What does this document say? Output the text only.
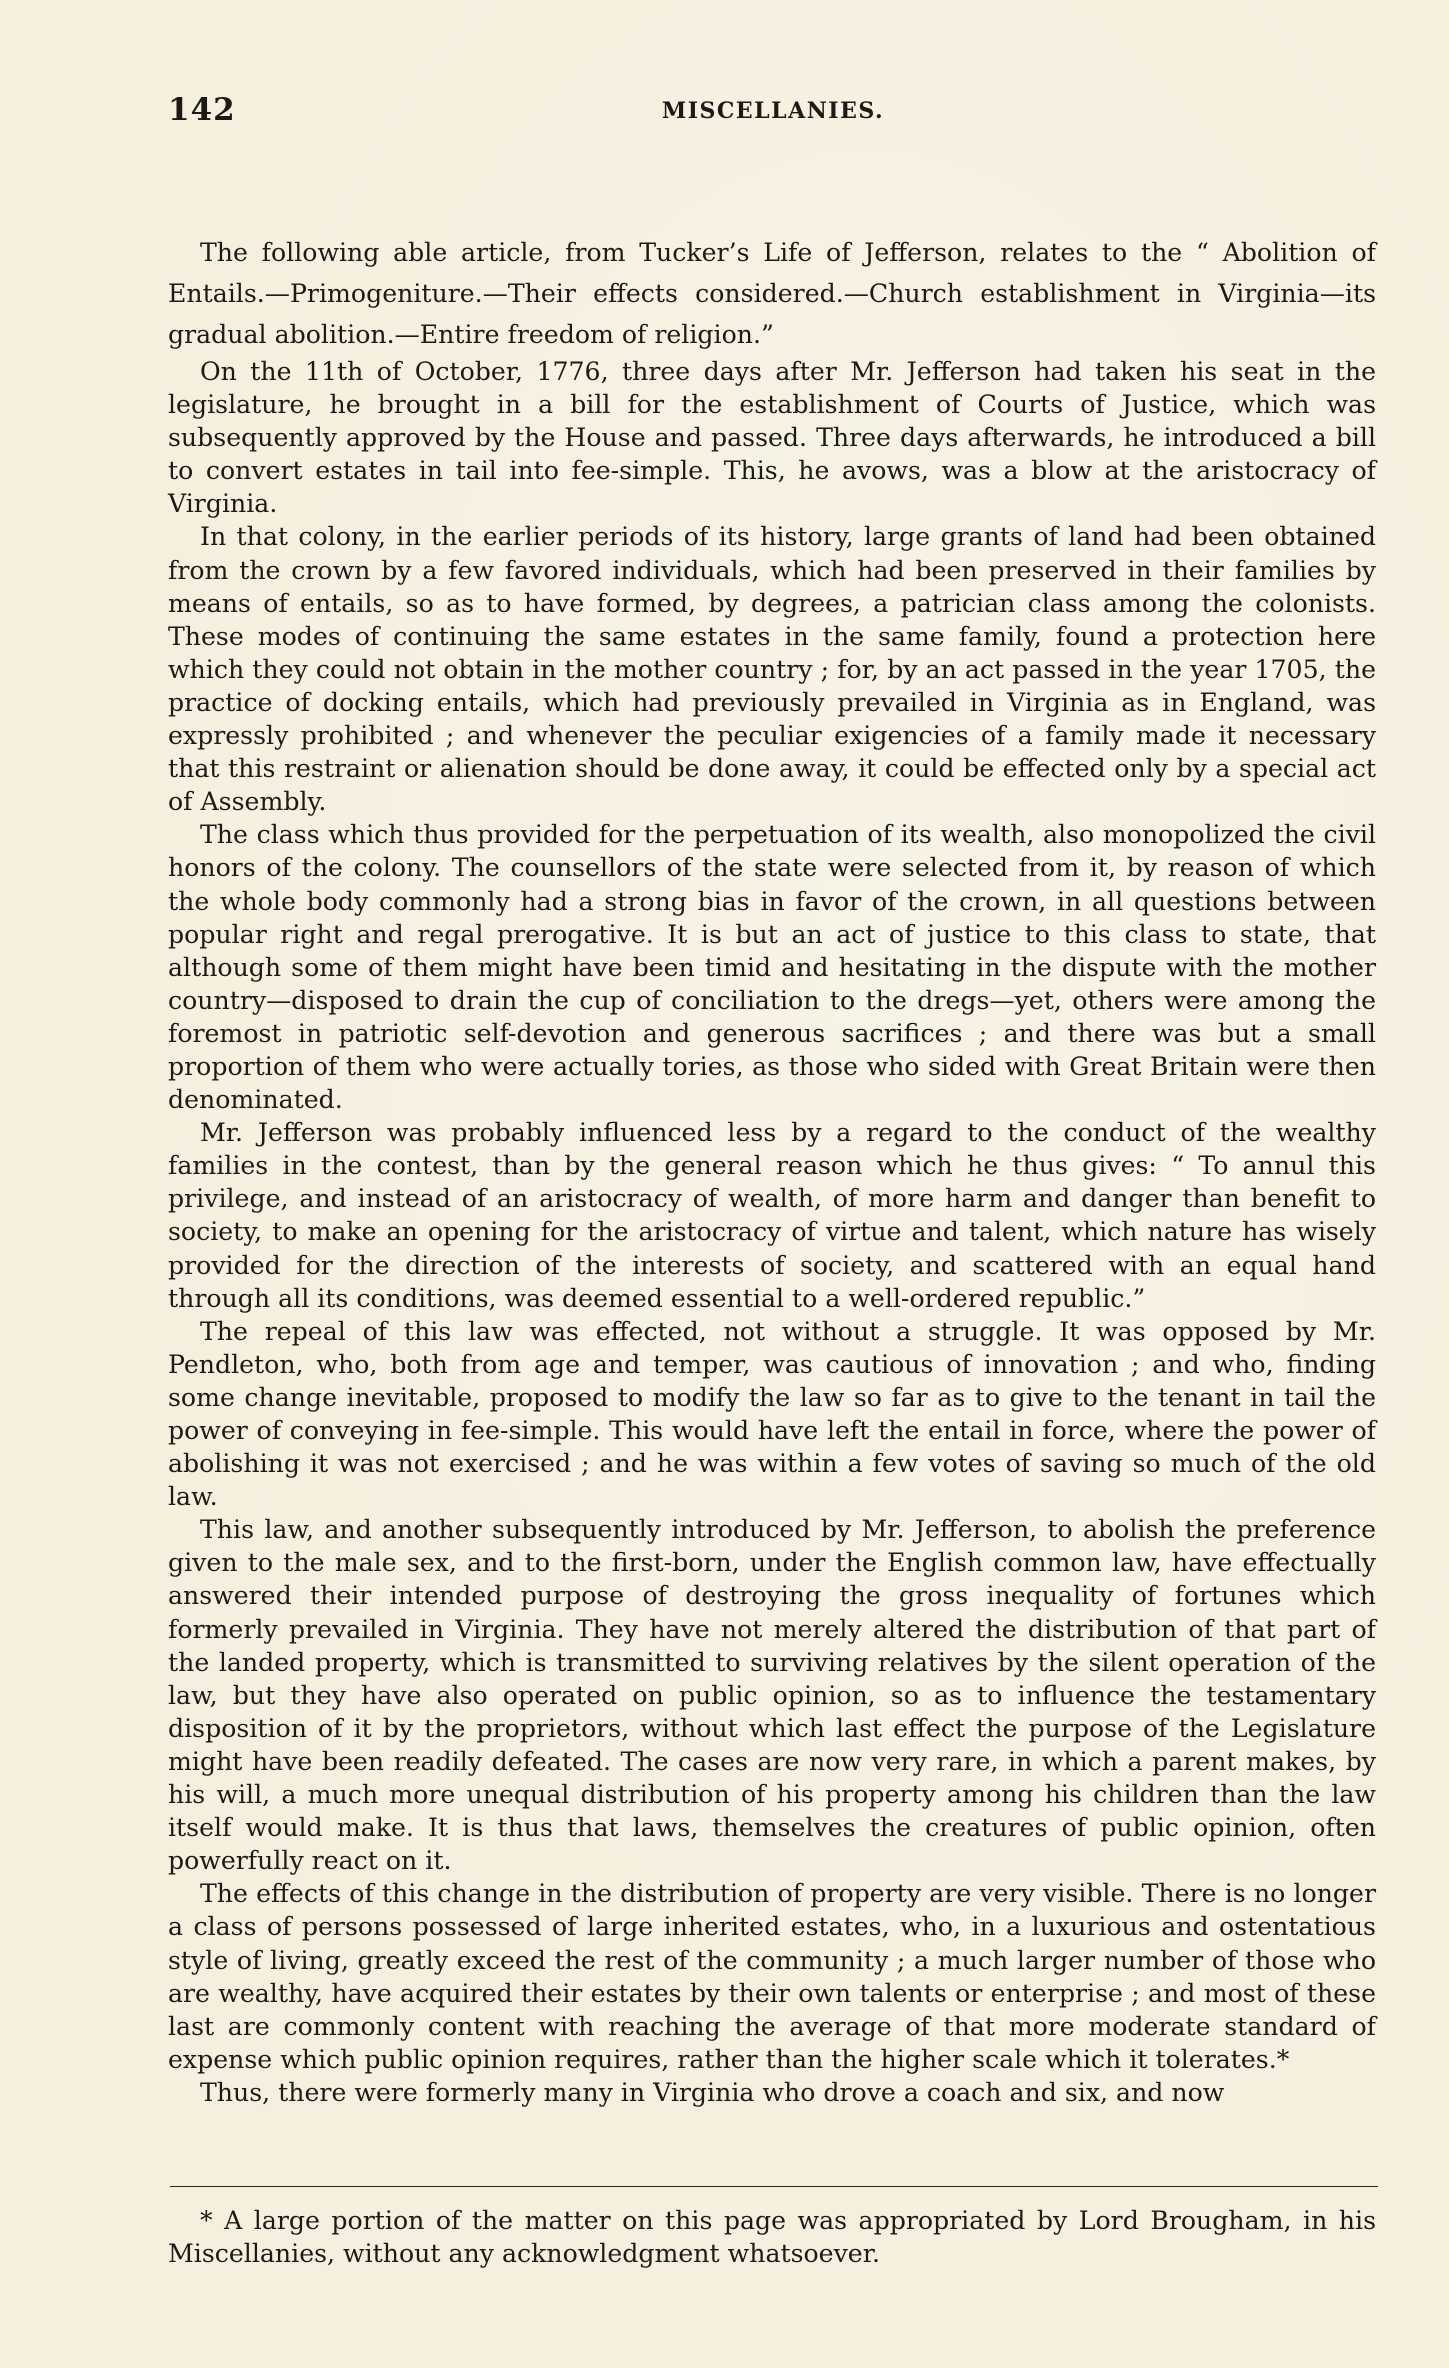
142	MISCELLANIES.

The following able article, from Tucker’s Life of Jefferson, relates to the “ Abolition of Entails.—Primogeniture.—Their effects considered.—Church establishment in Virginia—its gradual abolition.—Entire freedom of religion.”

On the 11th of October, 1776, three days after Mr. Jefferson had taken his seat in the legislature, he brought in a bill for the establishment of Courts of Justice, which was subsequently approved by the House and passed. Three days afterwards, he introduced a bill to convert estates in tail into fee-simple. This, he avows, was a blow at the aristocracy of Virginia.

In that colony, in the earlier periods of its history, large grants of land had been obtained from the crown by a few favored individuals, which had been preserved in their families by means of entails, so as to have formed, by degrees, a patrician class among the colonists. These modes of continuing the same estates in the same family, found a protection here which they could not obtain in the mother country ; for, by an act passed in the year 1705, the practice of docking entails, which had previously prevailed in Virginia as in England, was expressly prohibited ; and whenever the peculiar exigencies of a family made it necessary that this restraint or alienation should be done away, it could be effected only by a special act of Assembly.

The class which thus provided for the perpetuation of its wealth, also monopolized the civil honors of the colony. The counsellors of the state were selected from it, by reason of which the whole body commonly had a strong bias in favor of the crown, in all questions between popular right and regal prerogative. It is but an act of justice to this class to state, that although some of them might have been timid and hesitating in the dispute with the mother country—disposed to drain the cup of conciliation to the dregs—yet, others were among the foremost in patriotic self-devotion and generous sacrifices ; and there was but a small proportion of them who were actually tories, as those who sided with Great Britain were then denominated.

Mr. Jefferson was probably influenced less by a regard to the conduct of the wealthy families in the contest, than by the general reason which he thus gives: “ To annul this privilege, and instead of an aristocracy of wealth, of more harm and danger than benefit to society, to make an opening for the aristocracy of virtue and talent, which nature has wisely provided for the direction of the interests of society, and scattered with an equal hand through all its conditions, was deemed essential to a well-ordered republic.”

The repeal of this law was effected, not without a struggle. It was opposed by Mr. Pendleton, who, both from age and temper, was cautious of innovation ; and who, finding some change inevitable, proposed to modify the law so far as to give to the tenant in tail the power of conveying in fee-simple. This would have left the entail in force, where the power of abolishing it was not exercised ; and he was within a few votes of saving so much of the old law.

This law, and another subsequently introduced by Mr. Jefferson, to abolish the preference given to the male sex, and to the first-born, under the English common law, have effectually answered their intended purpose of destroying the gross inequality of fortunes which formerly prevailed in Virginia. They have not merely altered the distribution of that part of the landed property, which is transmitted to surviving relatives by the silent operation of the law, but they have also operated on public opinion, so as to influence the testamentary disposition of it by the proprietors, without which last effect the purpose of the Legislature might have been readily defeated. The cases are now very rare, in which a parent makes, by his will, a much more unequal distribution of his property among his children than the law itself would make. It is thus that laws, themselves the creatures of public opinion, often powerfully react on it.

The effects of this change in the distribution of property are very visible. There is no longer a class of persons possessed of large inherited estates, who, in a luxurious and ostentatious style of living, greatly exceed the rest of the community ; a much larger number of those who are wealthy, have acquired their estates by their own talents or enterprise ; and most of these last are commonly content with reaching the average of that more moderate standard of expense which public opinion requires, rather than the higher scale which it tolerates.*

Thus, there were formerly many in Virginia who drove a coach and six, and now

* A large portion of the matter on this page was appropriated by Lord Brougham, in his Miscellanies, without any acknowledgment whatsoever.
